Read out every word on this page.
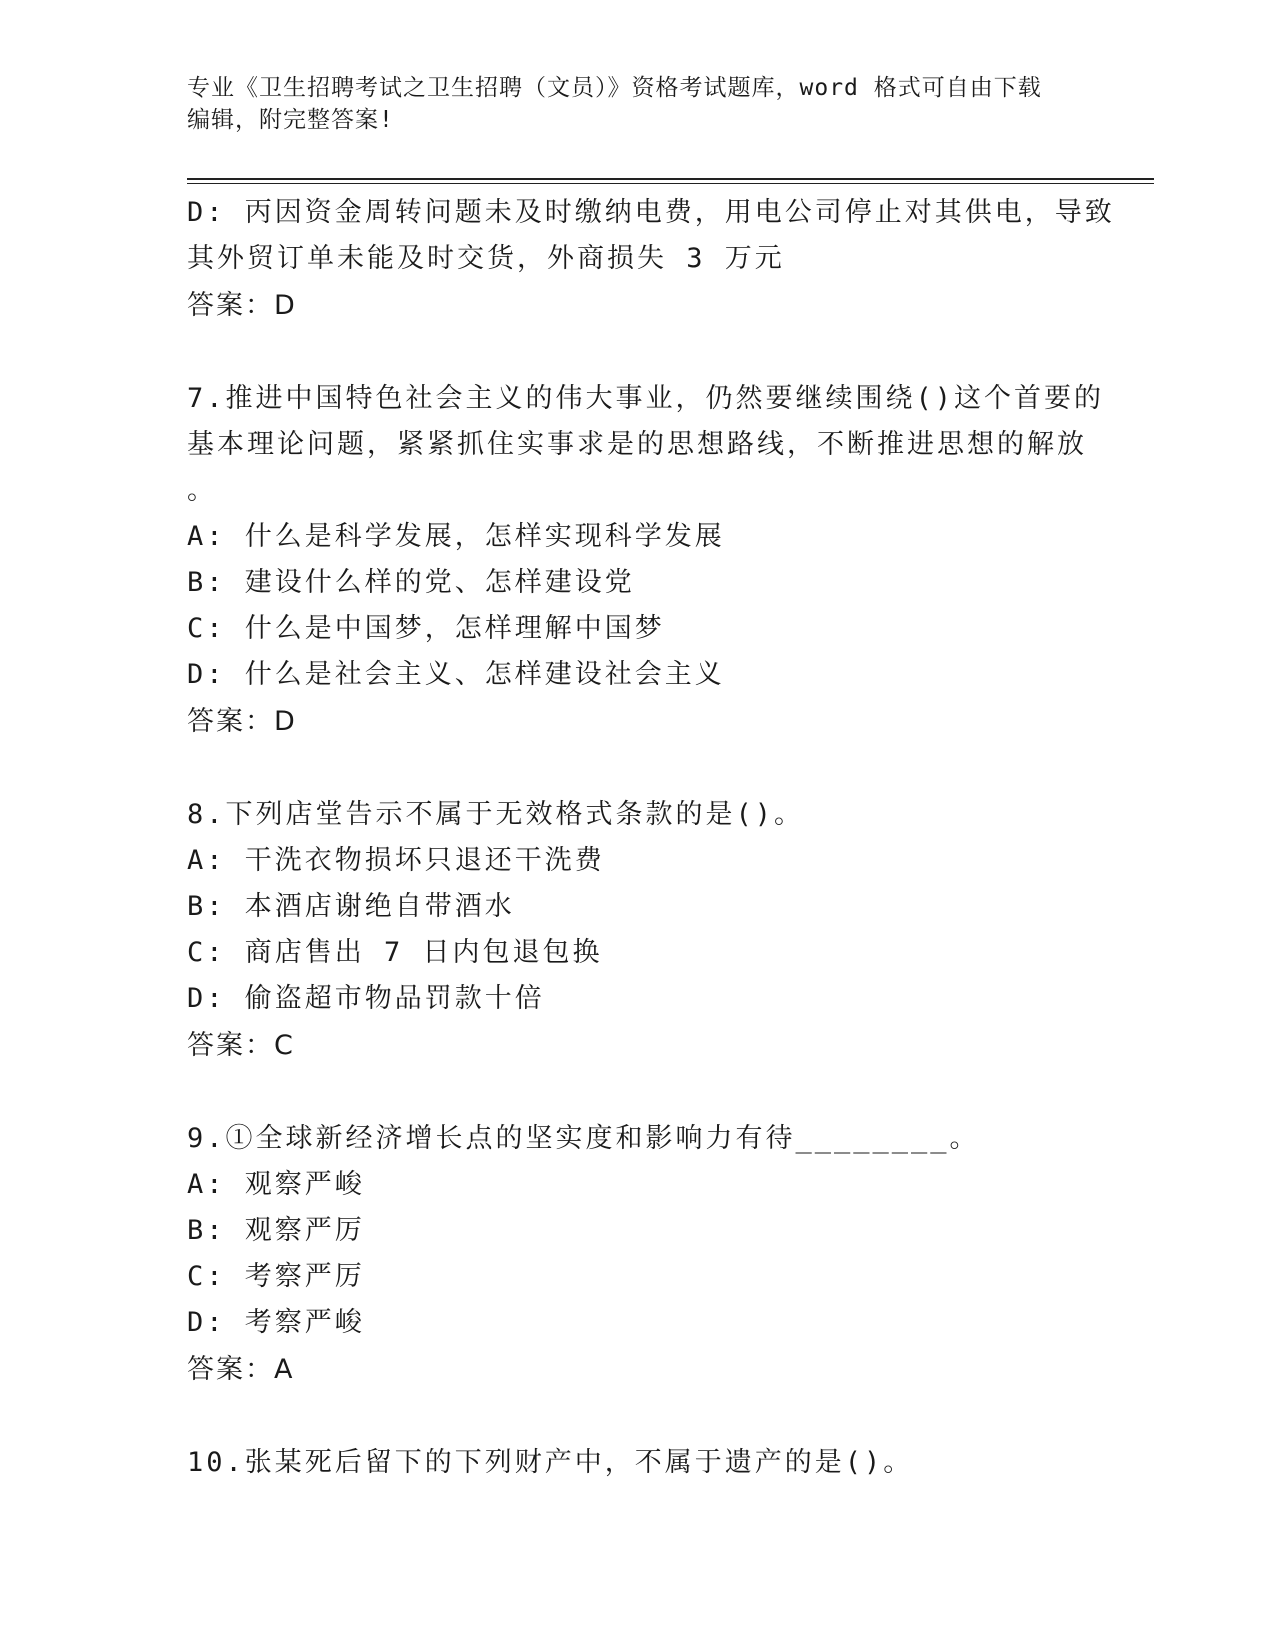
专业《卫生招聘考试之卫生招聘（文员）》资格考试题库，word 格式可自由下载
编辑，附完整答案!
D: 丙因资金周转问题未及时缴纳电费，用电公司停止对其供电，导致
其外贸订单未能及时交货，外商损失 3 万元
答案：D
7.推进中国特色社会主义的伟大事业，仍然要继续围绕()这个首要的
基本理论问题，紧紧抓住实事求是的思想路线，不断推进思想的解放
。
A: 什么是科学发展，怎样实现科学发展
B: 建设什么样的党、怎样建设党
C: 什么是中国梦，怎样理解中国梦
D: 什么是社会主义、怎样建设社会主义
答案：D
8.下列店堂告示不属于无效格式条款的是()。
A: 干洗衣物损坏只退还干洗费
B: 本酒店谢绝自带酒水
C: 商店售出 7 日内包退包换
D: 偷盗超市物品罚款十倍
答案：C
9.①全球新经济增长点的坚实度和影响力有待________。
A: 观察严峻
B: 观察严厉
C: 考察严厉
D: 考察严峻
答案：A
10.张某死后留下的下列财产中，不属于遗产的是()。
